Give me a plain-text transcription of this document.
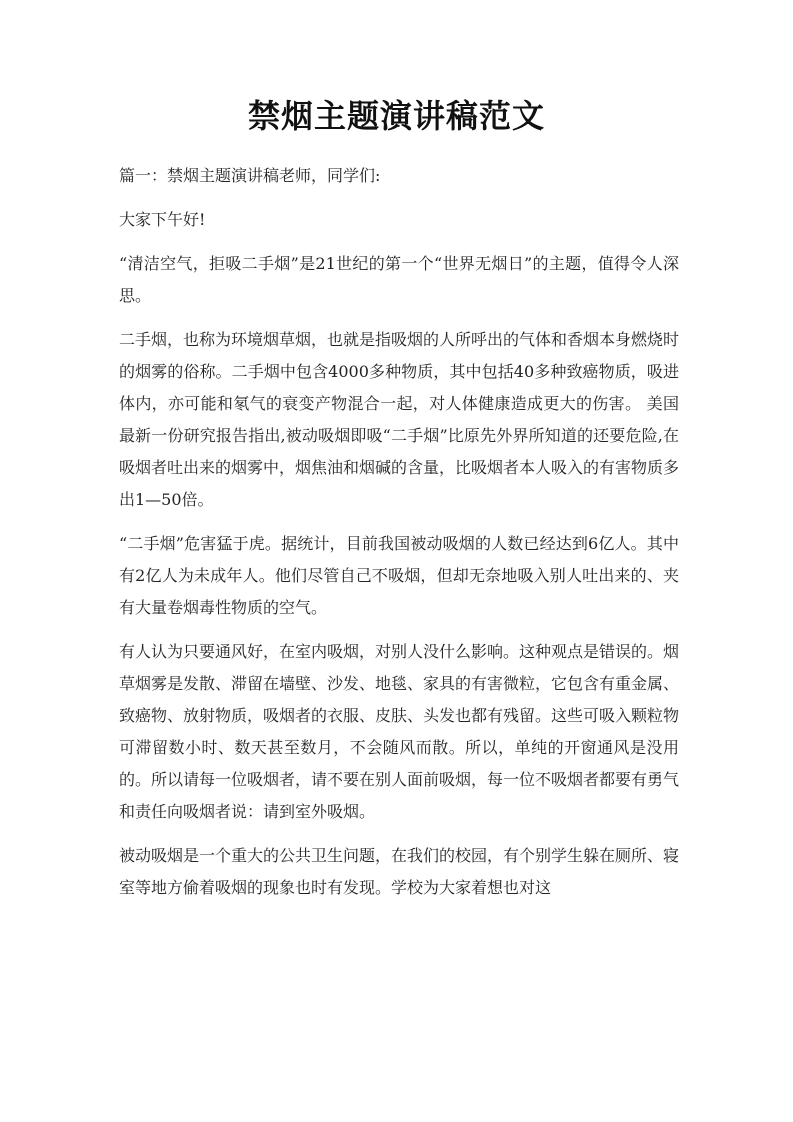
禁烟主题演讲稿范文

篇一：禁烟主题演讲稿老师，同学们:

大家下午好!

“清洁空气，拒吸二手烟”是21世纪的第一个“世界无烟日”的主题，值得令人深思。

二手烟，也称为环境烟草烟，也就是指吸烟的人所呼出的气体和香烟本身燃烧时的烟雾的俗称。二手烟中包含4000多种物质，其中包括40多种致癌物质，吸进体内，亦可能和氡气的衰变产物混合一起，对人体健康造成更大的伤害。 美国最新一份研究报告指出,被动吸烟即吸“二手烟”比原先外界所知道的还要危险,在吸烟者吐出来的烟雾中，烟焦油和烟碱的含量，比吸烟者本人吸入的有害物质多出1—50倍。

“二手烟”危害猛于虎。据统计，目前我国被动吸烟的人数已经达到6亿人。其中有2亿人为未成年人。他们尽管自己不吸烟，但却无奈地吸入别人吐出来的、夹有大量卷烟毒性物质的空气。

有人认为只要通风好，在室内吸烟，对别人没什么影响。这种观点是错误的。烟草烟雾是发散、滞留在墙壁、沙发、地毯、家具的有害微粒，它包含有重金属、致癌物、放射物质，吸烟者的衣服、皮肤、头发也都有残留。这些可吸入颗粒物可滞留数小时、数天甚至数月，不会随风而散。所以，单纯的开窗通风是没用的。所以请每一位吸烟者，请不要在别人面前吸烟，每一位不吸烟者都要有勇气和责任向吸烟者说：请到室外吸烟。

被动吸烟是一个重大的公共卫生问题，在我们的校园，有个别学生躲在厕所、寝室等地方偷着吸烟的现象也时有发现。学校为大家着想也对这
